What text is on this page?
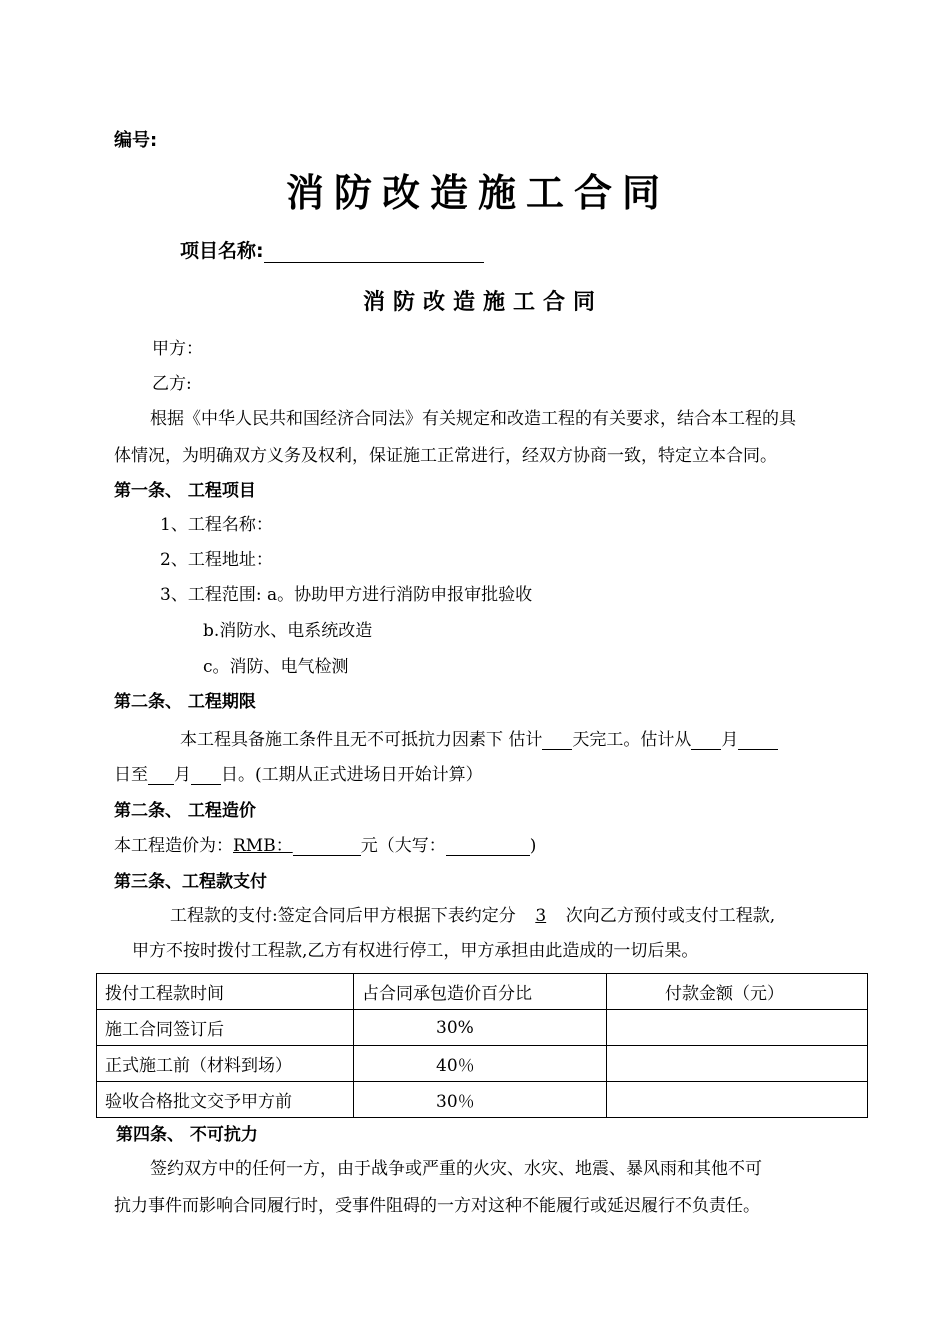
编号:
消防改造施工合同
项目名称:
消防改造施工合同
甲方：
乙方:
根据《中华人民共和国经济合同法》有关规定和改造工程的有关要求，结合本工程的具
体情况，为明确双方义务及权利，保证施工正常进行，经双方协商一致，特定立本合同。
第一条、 工程项目
1、工程名称：
2、工程地址：
3、工程范围: a。协助甲方进行消防申报审批验收
b.消防水、电系统改造
c。消防、电气检测
第二条、 工程期限
本工程具备施工条件且无不可抵抗力因素下 估计 天完工。估计从 月
日至 月 日。(工期从正式进场日开始计算）
第二条、 工程造价
本工程造价为：RMB：	元（大写：	)
第三条、工程款支付
工程款的支付:签定合同后甲方根据下表约定分 3 次向乙方预付或支付工程款,
甲方不按时拨付工程款,乙方有权进行停工，甲方承担由此造成的一切后果。
拨付工程款时间	占合同承包造价百分比	付款金额（元）
施工合同签订后	30%	
正式施工前（材料到场）	40％	
验收合格批文交予甲方前	30％	
第四条、 不可抗力
签约双方中的任何一方，由于战争或严重的火灾、水灾、地震、暴风雨和其他不可
抗力事件而影响合同履行时，受事件阻碍的一方对这种不能履行或延迟履行不负责任。
